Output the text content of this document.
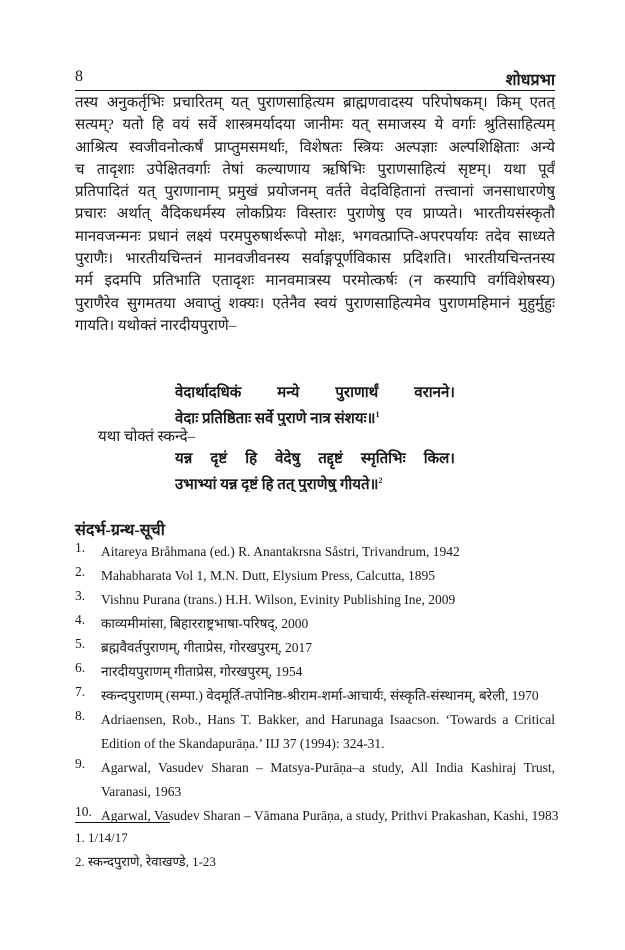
8	शोधप्रभा
तस्य अनुकर्तृभिः प्रचारितम् यत् पुराणसाहित्यम ब्राह्मणवादस्य परिपोषकम्। किम् एतत्
सत्यम्? यतो हि वयं सर्वे शास्त्रमर्यादया जानीमः यत् समाजस्य ये वर्गाः श्रुतिसाहित्यम्
आश्रित्य स्वजीवनोत्कर्षं प्राप्तुमसमर्थाः, विशेषतः स्त्रियः अल्पज्ञाः अल्पशिक्षिताः अन्ये
च तादृशाः उपेक्षितवर्गाः तेषां कल्याणाय ऋषिभिः पुराणसाहित्यं सृष्टम्। यथा पूर्वं
प्रतिपादितं यत् पुराणानाम् प्रमुखं प्रयोजनम् वर्तते वेदविहितानां तत्त्वानां जनसाधारणेषु
प्रचारः अर्थात् वैदिकधर्मस्य लोकप्रियः विस्तारः पुराणेषु एव प्राप्यते। भारतीयसंस्कृतौ
मानवजन्मनः प्रधानं लक्ष्यं परमपुरुषार्थरूपो मोक्षः, भगवत्प्राप्ति-अपरपर्यायः तदेव साध्यते
पुराणैः। भारतीयचिन्तनं मानवजीवनस्य सर्वाङ्गपूर्णविकास प्रदिशति। भारतीयचिन्तनस्य
मर्म इदमपि प्रतिभाति एतादृशः मानवमात्रस्य परमोत्कर्षः (न कस्यापि वर्गविशेषस्य)
पुराणैरेव सुगमतया अवाप्तुं शक्यः। एतेनैव स्वयं पुराणसाहित्यमेव पुराणमहिमानं मुहुर्मुहुः
गायति। यथोक्तं नारदीयपुराणे–
वेदार्थादधिकं मन्ये पुराणार्थं वरानने।
वेदाः प्रतिष्ठिताः सर्वे पुराणे नात्र संशयः॥$^1$
यथा चोक्तं स्कन्दे–
यन्न दृष्टं हि वेदेषु तद्दृष्टं स्मृतिभिः किल।
उभाभ्यां यन्न दृष्टं हि तत् पुराणेषु गीयते॥$^2$
संदर्भ-ग्रन्थ-सूची
1.	Aitareya Bråhmana (ed.) R. Anantakrsna Såstri, Trivandrum, 1942
2.	Mahabharata Vol 1, M.N. Dutt, Elysium Press, Calcutta, 1895
3.	Vishnu Purana (trans.) H.H. Wilson, Evinity Publishing Ine, 2009
4.	काव्यमीमांसा, बिहारराष्ट्रभाषा-परिषद्, 2000
5.	ब्रह्मवैवर्तपुराणम्, गीताप्रेस, गोरखपुरम्, 2017
6.	नारदीयपुराणम् गीताप्रेस, गोरखपुरम्, 1954
7.	स्कन्दपुराणम् (सम्पा.) वेदमूर्ति-तपोनिष्ठ-श्रीराम-शर्मा-आचार्यः, संस्कृति-संस्थानम्, बरेली, 1970
8.	Adriaensen, Rob., Hans T. Bakker, and Harunaga Isaacson. ‘Towards a Critical
Edition of the Skandapurāṇa.’ IIJ 37 (1994): 324-31.
9.	Agarwal, Vasudev Sharan – Matsya-Purāṇa–a study, All India Kashiraj Trust,
Varanasi, 1963
10. Agarwal, Vasudev Sharan – Vāmana Purāṇa, a study, Prithvi Prakashan, Kashi, 1983
1. 1/14/17
2. स्कन्दपुराणे, रेवाखण्डे, 1-23
